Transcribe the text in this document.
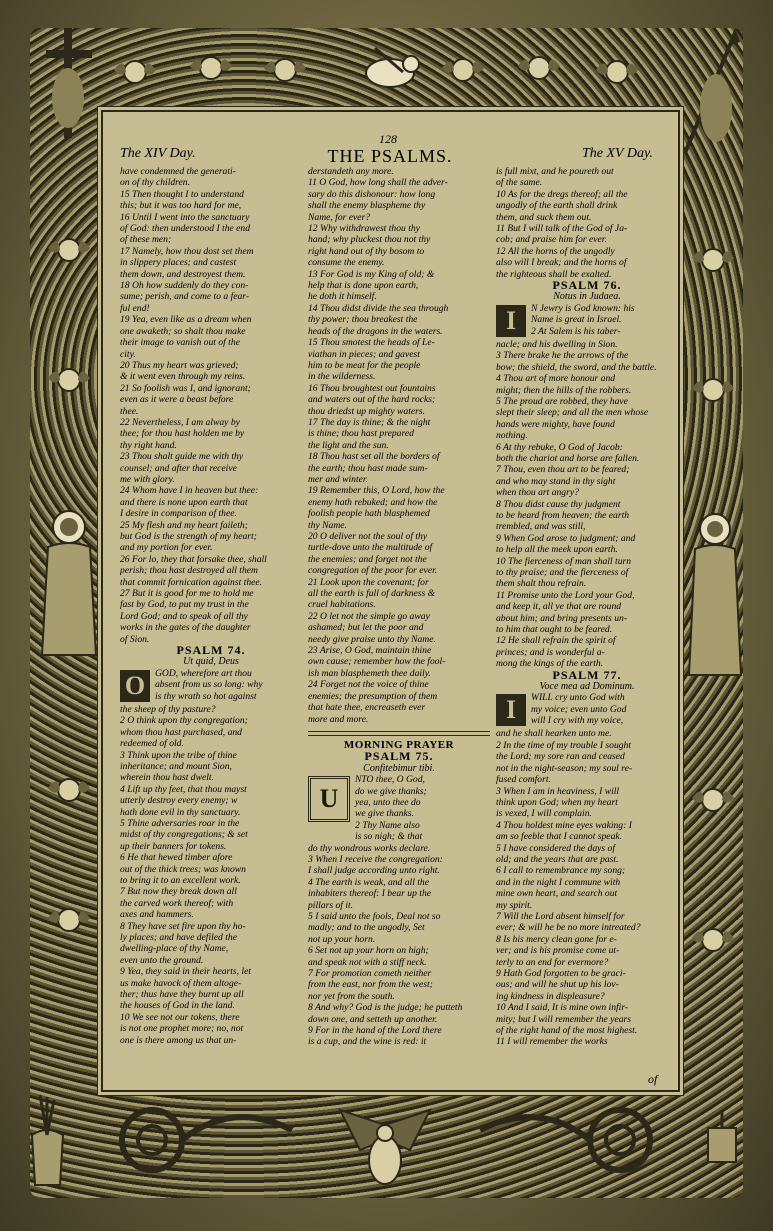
128
The XIV Day.	THE PSALMS.	The XV Day.

have condemned the generati-

on of thy children.

15 Then thought I to understand

this; but it was too hard for me,

16 Until I went into the sanctuary

of God: then understood I the end

of these men;

17 Namely, how thou dost set them

in slippery places; and castest

them down, and destroyest them.

18 Oh how suddenly do they con-

sume; perish, and come to a fear-

ful end!

19 Yea, even like as a dream when

one awaketh; so shalt thou make

their image to vanish out of the

city.

20 Thus my heart was grieved;

& it went even through my reins.

21 So foolish was I, and ignorant;

even as it were a beast before

thee.

22 Nevertheless, I am alway by

thee; for thou hast holden me by

thy right hand.

23 Thou shalt guide me with thy

counsel; and after that receive

me with glory.

24 Whom have I in heaven but thee:

and there is none upon earth that

I desire in comparison of thee.

25 My flesh and my heart faileth;

but God is the strength of my heart;

and my portion for ever.

26 For lo, they that forsake thee, shall

perish; thou hast destroyed all them

that commit fornication against thee.

27 But it is good for me to hold me

fast by God, to put my trust in the

Lord God; and to speak of all thy

works in the gates of the daughter

of Sion.

PSALM 74.

Ut quid, Deus

O	GOD, wherefore art thou

absent from us so long: why

is thy wrath so hot against

the sheep of thy pasture?

2 O think upon thy congregation;

whom thou hast purchased, and

redeemed of old.

3 Think upon the tribe of thine

inheritance; and mount Sion,

wherein thou hast dwelt.

4 Lift up thy feet, that thou mayst

utterly destroy every enemy; w

hath done evil in thy sanctuary.

5 Thine adversaries roar in the

midst of thy congregations; & set

up their banners for tokens.

6 He that hewed timber afore

out of the thick trees; was known

to bring it to an excellent work.

7 But now they break down all

the carved work thereof; with

axes and hammers.

8 They have set fire upon thy ho-

ly places; and have defiled the

dwelling-place of thy Name,

even unto the ground.

9 Yea, they said in their hearts, let

us make havock of them altoge-

ther; thus have they burnt up all

the houses of God in the land.

10 We see not our tokens, there

is not one prophet more; no, not

one is there among us that un-

derstandeth any more.

11 O God, how long shall the adver-

sary do this dishonour: how long

shall the enemy blaspheme thy

Name, for ever?

12 Why withdrawest thou thy

hand; why pluckest thou not thy

right hand out of thy bosom to

consume the enemy.

13 For God is my King of old; &

help that is done upon earth,

he doth it himself.

14 Thou didst divide the sea through

thy power; thou breakest the

heads of the dragons in the waters.

15 Thou smotest the heads of Le-

viathan in pieces; and gavest

him to be meat for the people

in the wilderness.

16 Thou broughtest out fountains

and waters out of the hard rocks;

thou driedst up mighty waters.

17 The day is thine; & the night

is thine; thou hast prepared

the light and the sun.

18 Thou hast set all the borders of

the earth; thou hast made sum-

mer and winter.

19 Remember this, O Lord, how the

enemy hath rebuked; and how the

foolish people hath blasphemed

thy Name.

20 O deliver not the soul of thy

turtle-dove unto the multitude of

the enemies; and forget not the

congregation of the poor for ever.

21 Look upon the covenant; for

all the earth is full of darkness &

cruel habitations.

22 O let not the simple go away

ashamed; but let the poor and

needy give praise unto thy Name.

23 Arise, O God, maintain thine

own cause; remember how the fool-

ish man blasphemeth thee daily.

24 Forget not the voice of thine

enemies; the presumption of them

that hate thee, encreaseth ever

more and more.

MORNING PRAYER

PSALM 75.

Confitebimur tibi.

U

NTO thee, O God,

do we give thanks;

yea, unto thee do

we give thanks.

2 Thy Name also

is so nigh; & that

do thy wondrous works declare.

3 When I receive the congregation:

I shall judge according unto right.

4 The earth is weak, and all the

inhabiters thereof: I bear up the

pillars of it.

5 I said unto the fools, Deal not so

madly; and to the ungodly, Set

not up your horn.

6 Set not up your horn on high;

and speak not with a stiff neck.

7 For promotion cometh neither

from the east, nor from the west;

nor yet from the south.

8 And why? God is the judge; he putteth

down one, and setteth up another.

9 For in the hand of the Lord there

is a cup, and the wine is red: it

is full mixt, and he poureth out

of the same.

10 As for the dregs thereof; all the

ungodly of the earth shall drink

them, and suck them out.

11 But I will talk of the God of Ja-

cob; and praise him for ever.

12 All the horns of the ungodly

also will I break; and the horns of

the righteous shall be exalted.

PSALM 76.

Notus in Judaea.

I	N Jewry is God known: his

Name is great in Israel.

2 At Salem is his taber-

nacle; and his dwelling in Sion.

3 There brake he the arrows of the

bow; the shield, the sword, and the battle.

4 Thou art of more honour and

might; then the hills of the robbers.

5 The proud are robbed, they have

slept their sleep; and all the men whose

hands were mighty, have found

nothing.

6 At thy rebuke, O God of Jacob:

both the chariot and horse are fallen.

7 Thou, even thou art to be feared;

and who may stand in thy sight

when thou art angry?

8 Thou didst cause thy judgment

to be heard from heaven; the earth

trembled, and was still,

9 When God arose to judgment; and

to help all the meek upon earth.

10 The fierceness of man shall turn

to thy praise; and the fierceness of

them shalt thou refrain.

11 Promise unto the Lord your God,

and keep it, all ye that are round

about him; and bring presents un-

to him that ought to be feared.

12 He shall refrain the spirit of

princes; and is wonderful a-

mong the kings of the earth.

PSALM 77.

Voce mea ad Dominum.

I	WILL cry unto God with

my voice; even unto God

will I cry with my voice,

and he shall hearken unto me.

2 In the time of my trouble I sought

the Lord; my sore ran and ceased

not in the night-season; my soul re-

fused comfort.

3 When I am in heaviness, I will

think upon God; when my heart

is vexed, I will complain.

4 Thou holdest mine eyes waking: I

am so feeble that I cannot speak.

5 I have considered the days of

old; and the years that are past.

6 I call to remembrance my song;

and in the night I commune with

mine own heart, and search out

my spirit.

7 Will the Lord absent himself for

ever; & will he be no more intreated?

8 Is his mercy clean gone for e-

ver; and is his promise come ut-

terly to an end for evermore?

9 Hath God forgotten to be graci-

ous; and will he shut up his lov-

ing kindness in displeasure?

10 And I said, It is mine own infir-

mity; but I will remember the years

of the right hand of the most highest.

11 I will remember the works

of
